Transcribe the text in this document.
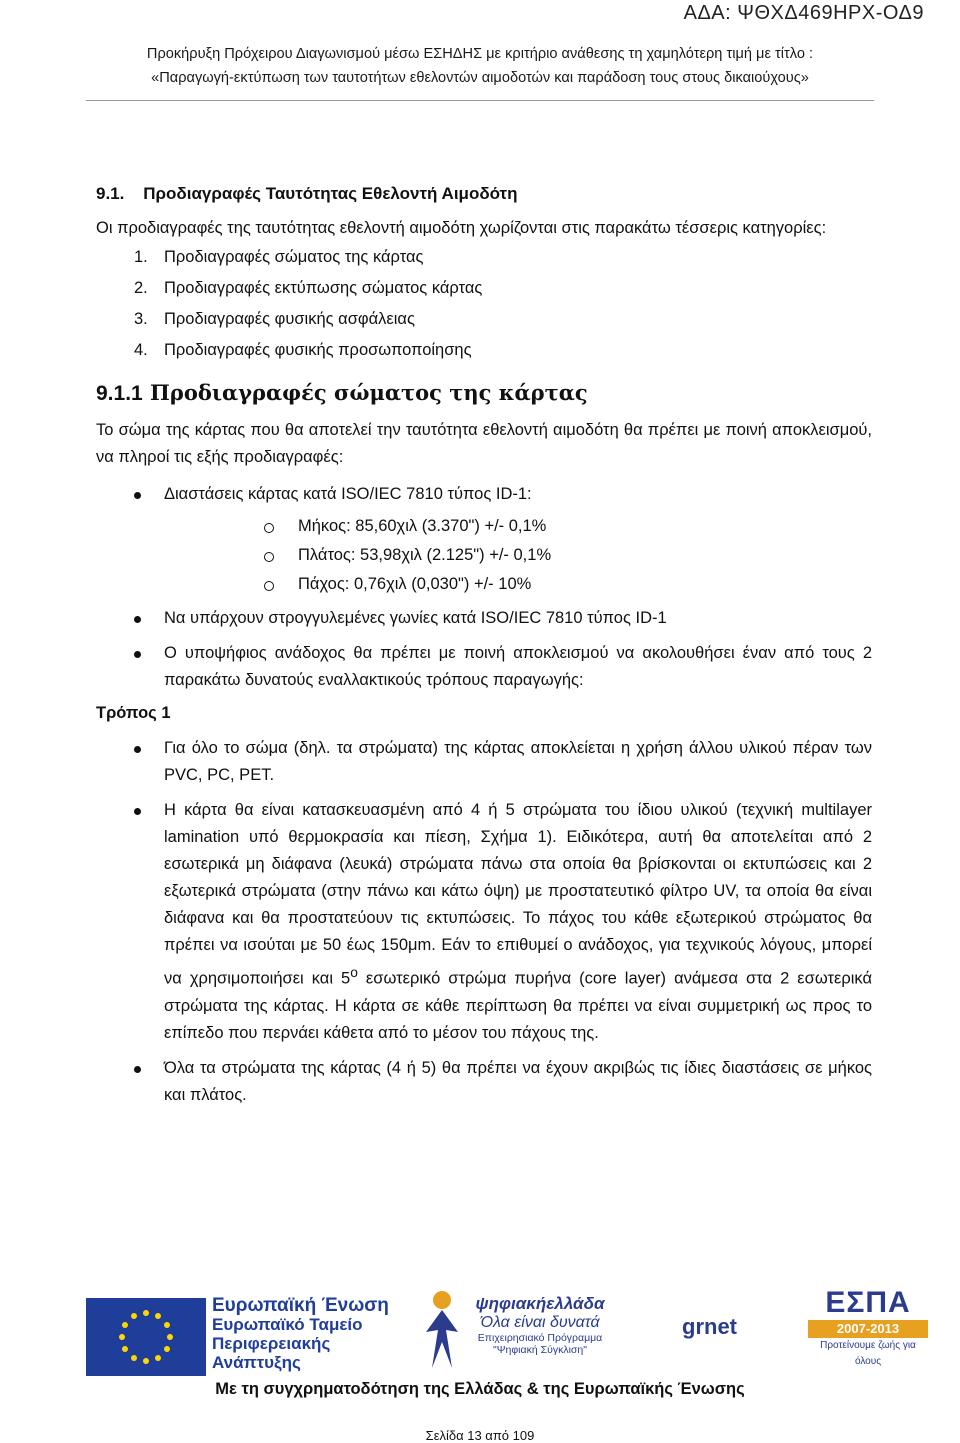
ΑΔΑ: ΨΘΧΔ469ΗΡΧ-ΟΔ9
Προκήρυξη Πρόχειρου Διαγωνισμού μέσω ΕΣΗΔΗΣ με κριτήριο ανάθεσης τη χαμηλότερη τιμή με τίτλο :
«Παραγωγή-εκτύπωση των ταυτοτήτων εθελοντών αιμοδοτών και παράδοση τους στους δικαιούχους»
9.1.    Προδιαγραφές Ταυτότητας Εθελοντή Αιμοδότη

Οι προδιαγραφές της ταυτότητας εθελοντή αιμοδότη χωρίζονται στις παρακάτω τέσσερις κατηγορίες:

1. Προδιαγραφές σώματος της κάρτας
2. Προδιαγραφές εκτύπωσης σώματος κάρτας
3. Προδιαγραφές φυσικής ασφάλειας
4. Προδιαγραφές φυσικής προσωποποίησης
9.1.1 Προδιαγραφές σώματος της κάρτας

Το σώμα της κάρτας που θα αποτελεί την ταυτότητα εθελοντή αιμοδότη θα πρέπει με ποινή αποκλεισμού, να πληροί τις εξής προδιαγραφές:

Διαστάσεις κάρτας κατά ISO/IEC 7810 τύπος ID-1:
Μήκος: 85,60χιλ (3.370") +/- 0,1%
Πλάτος: 53,98χιλ (2.125") +/- 0,1%
Πάχος: 0,76χιλ (0,030") +/- 10%
Να υπάρχουν στρογγυλεμένες γωνίες κατά ISO/IEC 7810 τύπος ID-1
Ο υποψήφιος ανάδοχος θα πρέπει με ποινή αποκλεισμού να ακολουθήσει έναν από τους 2 παρακάτω δυνατούς εναλλακτικούς τρόπους παραγωγής:
Τρόπος 1
Για όλο το σώμα (δηλ. τα στρώματα) της κάρτας αποκλείεται η χρήση άλλου υλικού πέραν των PVC, PC, PET.
Η κάρτα θα είναι κατασκευασμένη από 4 ή 5 στρώματα του ίδιου υλικού (τεχνική multilayer lamination υπό θερμοκρασία και πίεση, Σχήμα 1). Ειδικότερα, αυτή θα αποτελείται από 2 εσωτερικά μη διάφανα (λευκά) στρώματα πάνω στα οποία θα βρίσκονται οι εκτυπώσεις και 2 εξωτερικά στρώματα (στην πάνω και κάτω όψη) με προστατευτικό φίλτρο UV, τα οποία θα είναι διάφανα και θα προστατεύουν τις εκτυπώσεις. Το πάχος του κάθε εξωτερικού στρώματος θα πρέπει να ισούται με 50 έως 150μm. Εάν το επιθυμεί ο ανάδοχος, για τεχνικούς λόγους, μπορεί να χρησιμοποιήσει και $5^o$ εσωτερικό στρώμα πυρήνα (core layer) ανάμεσα στα 2 εσωτερικά στρώματα της κάρτας. Η κάρτα σε κάθε περίπτωση θα πρέπει να είναι συμμετρική ως προς το επίπεδο που περνάει κάθετα από το μέσον του πάχους της.
Όλα τα στρώματα της κάρτας (4 ή 5) θα πρέπει να έχουν ακριβώς τις ίδιες διαστάσεις σε μήκος και πλάτος.
Ευρωπαϊκή Ένωση
Ευρωπαϊκό Ταμείο
Περιφερειακής
Ανάπτυξης
ψηφιακήελλάδα
Όλα είναι δυνατά
Επιχειρησιακό Πρόγραμμα
"Ψηφιακή Σύγκλιση"
grnet
ΕΣΠΑ
2007-2013
Προτείνουμε ζωής για όλους
Με τη συγχρηματοδότηση της Ελλάδας & της Ευρωπαϊκής Ένωσης
Σελίδα 13 από 109
